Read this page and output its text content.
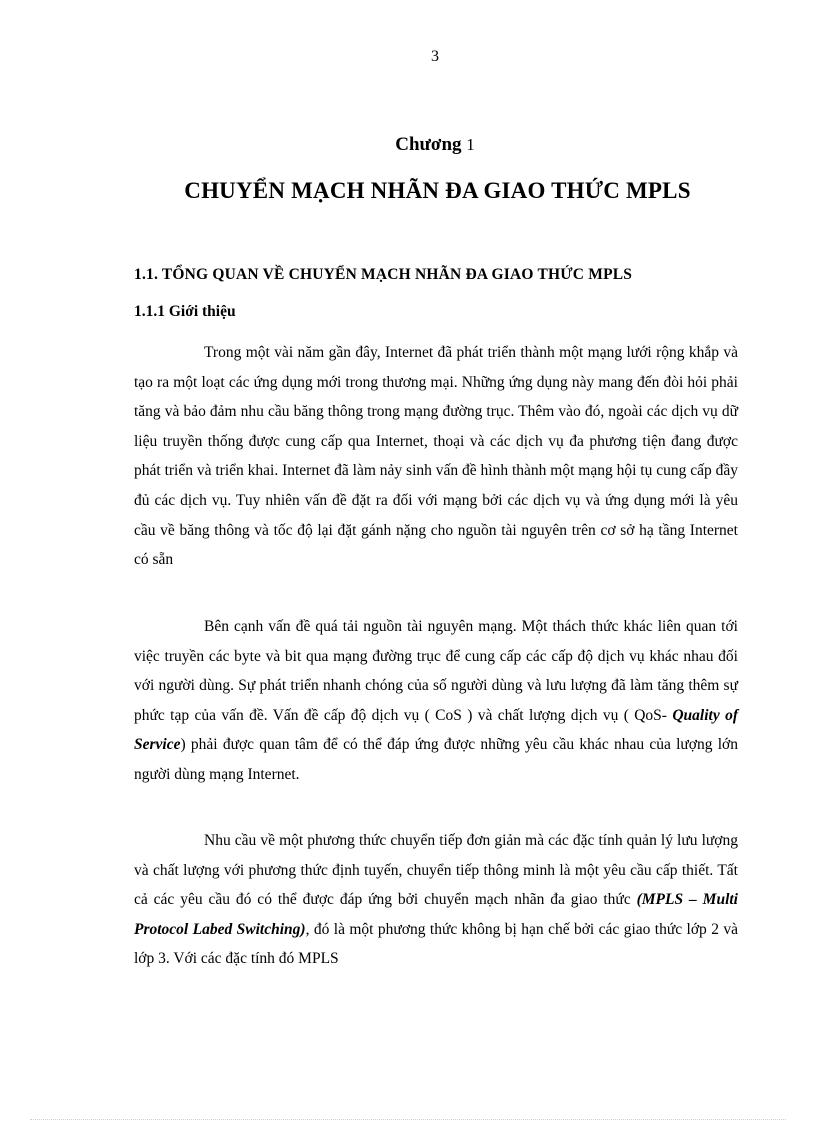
3
Chương 1
CHUYỂN MẠCH NHÃN ĐA GIAO THỨC MPLS
1.1. TỔNG QUAN VỀ CHUYỂN MẠCH NHÃN ĐA GIAO THỨC MPLS
1.1.1 Giới thiệu

Trong một vài năm gần đây, Internet đã phát triển thành một mạng lưới rộng khắp và tạo ra một loạt các ứng dụng mới trong thương mại. Những ứng dụng này mang đến đòi hỏi phải tăng và bảo đảm nhu cầu băng thông trong mạng đường trục. Thêm vào đó, ngoài các dịch vụ dữ liệu truyền thống được cung cấp qua Internet, thoại và các dịch vụ đa phương tiện đang được phát triển và triển khai. Internet đã làm nảy sinh vấn đề hình thành một mạng hội tụ cung cấp đầy đủ các dịch vụ. Tuy nhiên vấn đề đặt ra đối với mạng bởi các dịch vụ và ứng dụng mới là yêu cầu về băng thông và tốc độ lại đặt gánh nặng cho nguồn tài nguyên trên cơ sở hạ tầng Internet có sẵn

Bên cạnh vấn đề quá tải nguồn tài nguyên mạng. Một thách thức khác liên quan tới việc truyền các byte và bit qua mạng đường trục để cung cấp các cấp độ dịch vụ khác nhau đối với người dùng. Sự phát triển nhanh chóng của số người dùng và lưu lượng đã làm tăng thêm sự phức tạp của vấn đề. Vấn đề cấp độ dịch vụ ( CoS ) và chất lượng dịch vụ ( QoS- Quality of Service) phải được quan tâm để có thể đáp ứng được những yêu cầu khác nhau của lượng lớn người dùng mạng Internet.

Nhu cầu về một phương thức chuyển tiếp đơn giản mà các đặc tính quản lý lưu lượng và chất lượng với phương thức định tuyến, chuyển tiếp thông minh là một yêu cầu cấp thiết. Tất cả các yêu cầu đó có thể được đáp ứng bởi chuyển mạch nhãn đa giao thức (MPLS – Multi Protocol Labed Switching), đó là một phương thức không bị hạn chế bởi các giao thức lớp 2 và lớp 3. Với các đặc tính đó MPLS
